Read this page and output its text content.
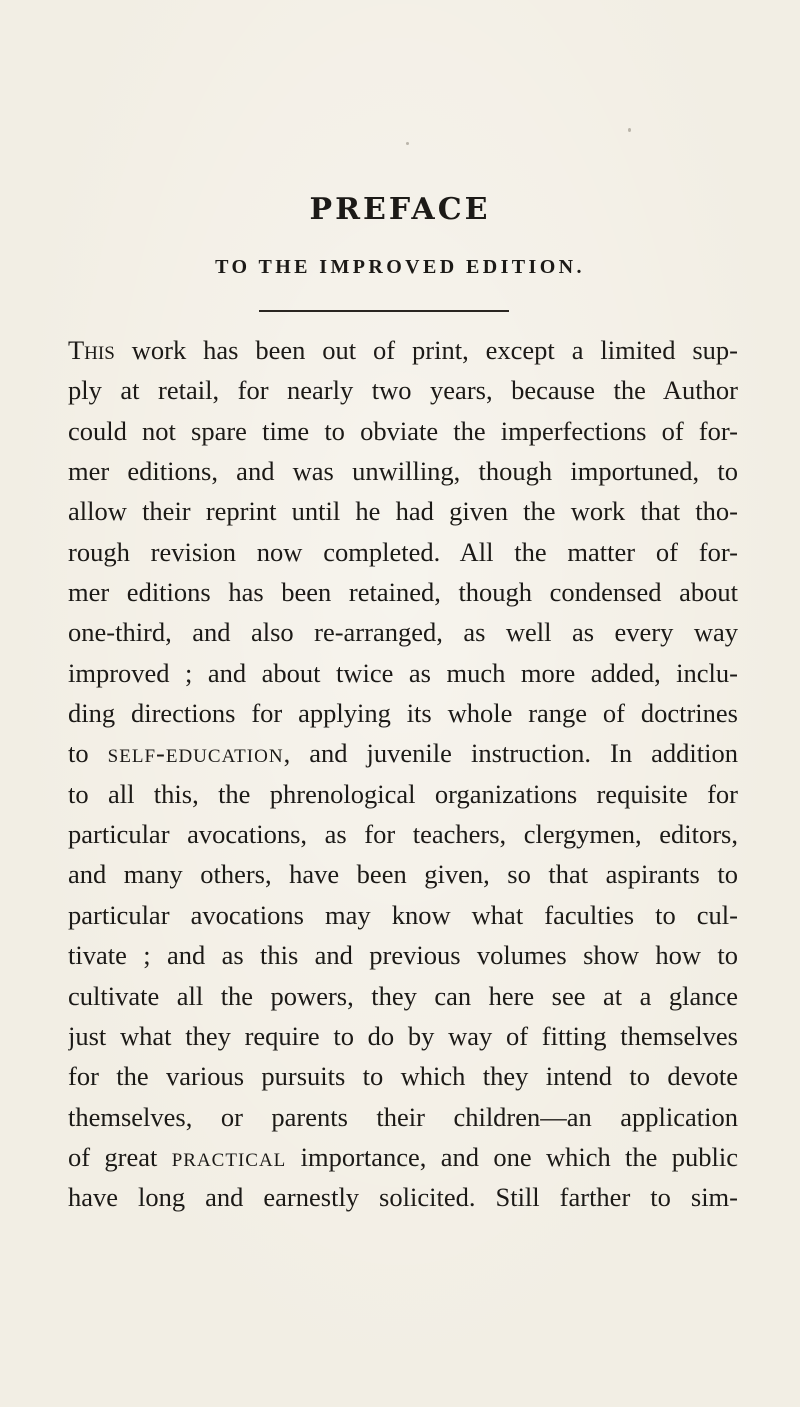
PREFACE
TO THE IMPROVED EDITION.
This work has been out of print, except a limited sup-
ply at retail, for nearly two years, because the Author
could not spare time to obviate the imperfections of for-
mer editions, and was unwilling, though importuned, to
allow their reprint until he had given the work that tho-
rough revision now completed. All the matter of for-
mer editions has been retained, though condensed about
one-third, and also re-arranged, as well as every way
improved ; and about twice as much more added, inclu-
ding directions for applying its whole range of doctrines
to self-education, and juvenile instruction. In addition
to all this, the phrenological organizations requisite for
particular avocations, as for teachers, clergymen, editors,
and many others, have been given, so that aspirants to
particular avocations may know what faculties to cul-
tivate ; and as this and previous volumes show how to
cultivate all the powers, they can here see at a glance
just what they require to do by way of fitting themselves
for the various pursuits to which they intend to devote
themselves, or parents their children—an application
of great practical importance, and one which the public
have long and earnestly solicited. Still farther to sim-
